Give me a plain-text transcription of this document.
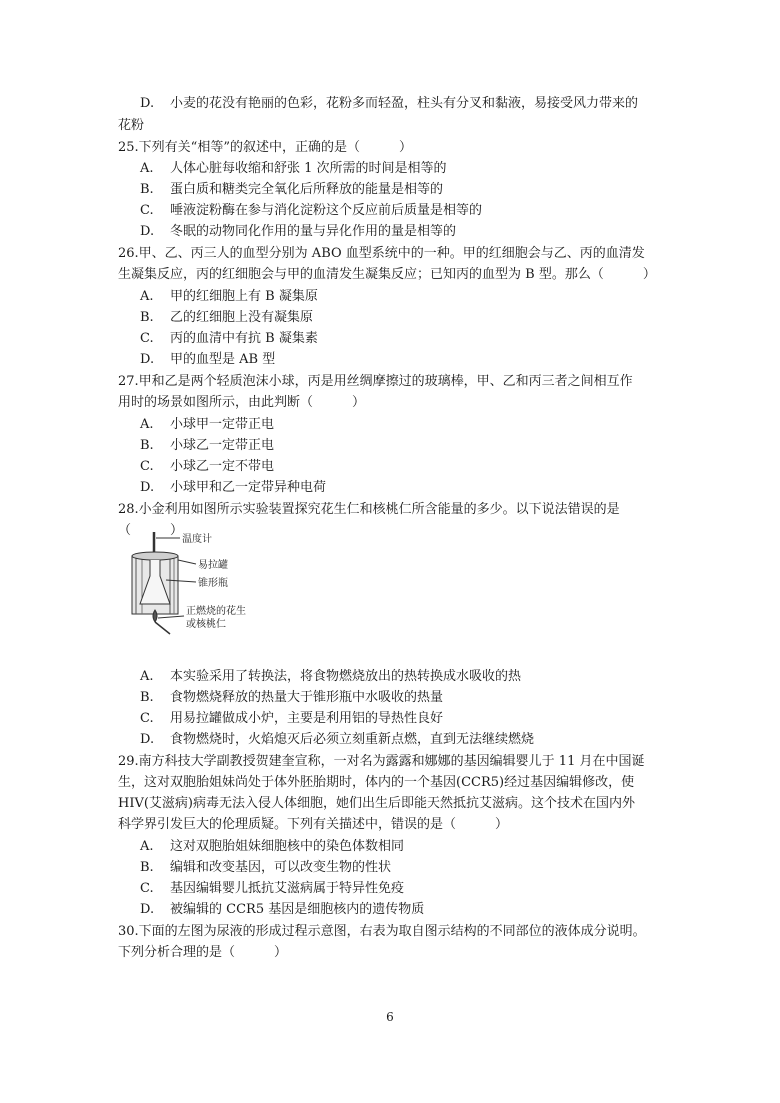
D. 小麦的花没有艳丽的色彩，花粉多而轻盈，柱头有分叉和黏液，易接受风力带来的
花粉
25.下列有关“相等”的叙述中，正确的是（　　　）
A. 人体心脏每收缩和舒张 1 次所需的时间是相等的
B. 蛋白质和糖类完全氧化后所释放的能量是相等的
C. 唾液淀粉酶在参与消化淀粉这个反应前后质量是相等的
D. 冬眠的动物同化作用的量与异化作用的量是相等的
26.甲、乙、丙三人的血型分别为 ABO 血型系统中的一种。甲的红细胞会与乙、丙的血清发
生凝集反应，丙的红细胞会与甲的血清发生凝集反应；已知丙的血型为 B 型。那么（　　　）
A. 甲的红细胞上有 B 凝集原
B. 乙的红细胞上没有凝集原
C. 丙的血清中有抗 B 凝集素
D. 甲的血型是 AB 型
27.甲和乙是两个轻质泡沫小球，丙是用丝绸摩擦过的玻璃棒，甲、乙和丙三者之间相互作
用时的场景如图所示，由此判断（　　　）
A. 小球甲一定带正电
B. 小球乙一定带正电
C. 小球乙一定不带电
D. 小球甲和乙一定带异种电荷
28.小金利用如图所示实验装置探究花生仁和核桃仁所含能量的多少。以下说法错误的是
（　　　）
温度计
易拉罐
锥形瓶
正燃烧的花生
或核桃仁
A. 本实验采用了转换法，将食物燃烧放出的热转换成水吸收的热
B. 食物燃烧释放的热量大于锥形瓶中水吸收的热量
C. 用易拉罐做成小炉，主要是利用铝的导热性良好
D. 食物燃烧时，火焰熄灭后必须立刻重新点燃，直到无法继续燃烧
29.南方科技大学副教授贺建奎宣称，一对名为露露和娜娜的基因编辑婴儿于 11 月在中国诞
生，这对双胞胎姐妹尚处于体外胚胎期时，体内的一个基因(CCR5)经过基因编辑修改，使
HIV(艾滋病)病毒无法入侵人体细胞，她们出生后即能天然抵抗艾滋病。这个技术在国内外
科学界引发巨大的伦理质疑。下列有关描述中，错误的是（　　　）
A. 这对双胞胎姐妹细胞核中的染色体数相同
B. 编辑和改变基因，可以改变生物的性状
C. 基因编辑婴儿抵抗艾滋病属于特异性免疫
D. 被编辑的 CCR5 基因是细胞核内的遗传物质
30.下面的左图为尿液的形成过程示意图，右表为取自图示结构的不同部位的液体成分说明。
下列分析合理的是（　　　）
6
